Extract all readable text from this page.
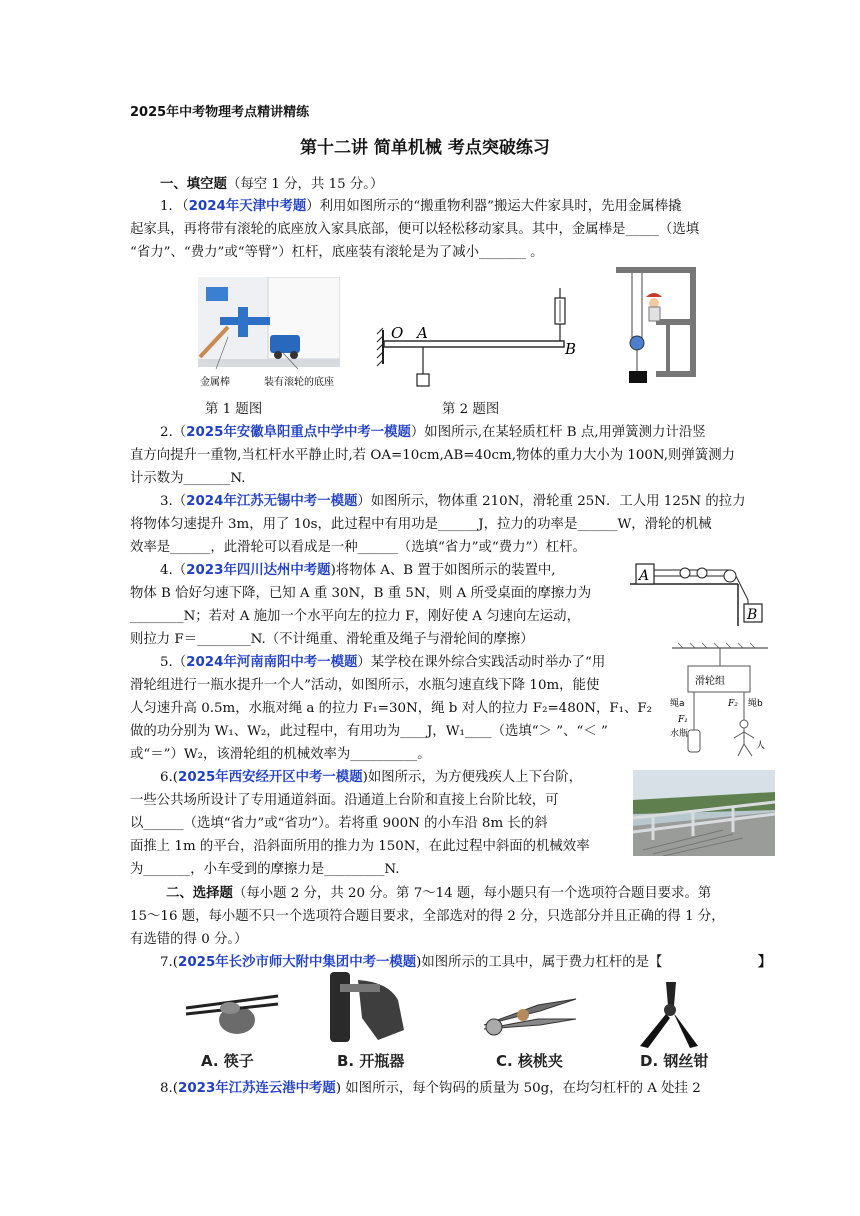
2025年中考物理考点精讲精练
第十二讲 简单机械 考点突破练习
一、填空题（每空 1 分，共 15 分。）
1．（2024年天津中考题）利用如图所示的“搬重物利器”搬运大件家具时，先用金属棒撬
起家具，再将带有滚轮的底座放入家具底部，便可以轻松移动家具。其中，金属棒是_____（选填
“省力”、“费力”或“等臂”）杠杆，底座装有滚轮是为了减小_______ 。
金属棒	装有滚轮的底座
O A
B
第 1 题图	第 2 题图
2.（2025年安徽阜阳重点中学中考一模题）如图所示,在某轻质杠杆 B 点,用弹簧测力计沿竖
直方向提升一重物,当杠杆水平静止时,若 OA=10cm,AB=40cm,物体的重力大小为 100N,则弹簧测力
计示数为_______N.
3.（2024年江苏无锡中考一模题）如图所示，物体重 210N，滑轮重 25N．工人用 125N 的拉力
将物体匀速提升 3m，用了 10s，此过程中有用功是______J，拉力的功率是______W，滑轮的机械
效率是______，此滑轮可以看成是一种______（选填“省力”或“费力”）杠杆。
4.（2023年四川达州中考题)将物体 A、B 置于如图所示的装置中,
物体 B 恰好匀速下降，已知 A 重 30N，B 重 5N，则 A 所受桌面的摩擦力为
________N；若对 A 施加一个水平向左的拉力 F，刚好使 A 匀速向左运动，
则拉力 F＝________N.（不计绳重、滑轮重及绳子与滑轮间的摩擦）
A
B
5.（2024年河南南阳中考一模题）某学校在课外综合实践活动时举办了“用
滑轮组进行一瓶水提升一个人”活动，如图所示，水瓶匀速直线下降 10m，能使
人匀速升高 0.5m，水瓶对绳 a 的拉力 F₁=30N，绳 b 对人的拉力 F₂=480N，F₁、F₂
做的功分别为 W₁、W₂，此过程中，有用功为____J，W₁____（选填“＞ ”、“＜ ”
或“＝”）W₂，该滑轮组的机械效率为__________。
滑轮组
绳a	绳b
F₁
F₂
水瓶
人
6.(2025年西安经开区中考一模题)如图所示，为方便残疾人上下台阶，
一些公共场所设计了专用通道斜面。沿通道上台阶和直接上台阶比较，可
以______（选填“省力”或“省功”）。若将重 900N 的小车沿 8m 长的斜
面推上 1m 的平台，沿斜面所用的推力为 150N，在此过程中斜面的机械效率
为_______，小车受到的摩擦力是_________N.
二、选择题（每小题 2 分，共 20 分。第 7～14 题，每小题只有一个选项符合题目要求。第
15～16 题，每小题不只一个选项符合题目要求，全部选对的得 2 分，只选部分并且正确的得 1 分，
有选错的得 0 分。）
7.(2025年长沙市师大附中集团中考一模题)如图所示的工具中，属于费力杠杆的是【	】
A. 筷子	B. 开瓶器	C. 核桃夹	D. 钢丝钳
8.(2023年江苏连云港中考题) 如图所示，每个钩码的质量为 50g，在均匀杠杆的 A 处挂 2
